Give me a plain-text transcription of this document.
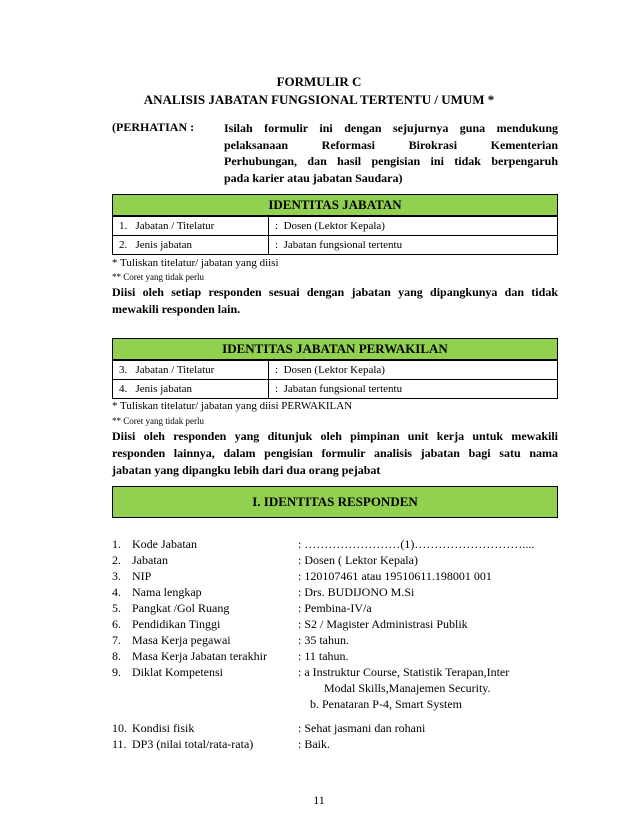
FORMULIR C
ANALISIS JABATAN FUNGSIONAL TERTENTU / UMUM *
(PERHATIAN :	Isilah formulir ini dengan sejujurnya guna mendukung
pelaksanaan Reformasi Birokrasi Kementerian
Perhubungan, dan hasil pengisian ini tidak berpengaruh
pada karier atau jabatan Saudara)
IDENTITAS JABATAN
1. Jabatan / Titelatur	: Dosen (Lektor Kepala)
2. Jenis jabatan	: Jabatan fungsional tertentu
* Tuliskan titelatur/ jabatan yang diisi
** Coret yang tidak perlu
Diisi oleh setiap responden sesuai dengan jabatan yang dipangkunya dan tidak
mewakili responden lain.
IDENTITAS JABATAN PERWAKILAN
3. Jabatan / Titelatur	: Dosen (Lektor Kepala)
4. Jenis jabatan	: Jabatan fungsional tertentu
* Tuliskan titelatur/ jabatan yang diisi PERWAKILAN
** Coret yang tidak perlu
Diisi oleh responden yang ditunjuk oleh pimpinan unit kerja untuk mewakili
responden lainnya, dalam pengisian formulir analisis jabatan bagi satu nama
jabatan yang dipangku lebih dari dua orang pejabat
I. IDENTITAS RESPONDEN
1. Kode Jabatan	: ……………………(1)………………………....
2. Jabatan	: Dosen ( Lektor Kepala)
3. NIP	: 120107461 atau 19510611.198001 001
4. Nama lengkap	: Drs. BUDIJONO M.Si
5. Pangkat /Gol Ruang	: Pembina-IV/a
6. Pendidikan Tinggi	: S2 / Magister Administrasi Publik
7. Masa Kerja pegawai	: 35 tahun.
8. Masa Kerja Jabatan terakhir	: 11 tahun.
9. Diklat Kompetensi	: a Instruktur Course, Statistik Terapan,Inter
Modal Skills,Manajemen Security.
b. Penataran P-4, Smart System
10. Kondisi fisik	: Sehat jasmani dan rohani
11. DP3 (nilai total/rata-rata)	: Baik.
11
